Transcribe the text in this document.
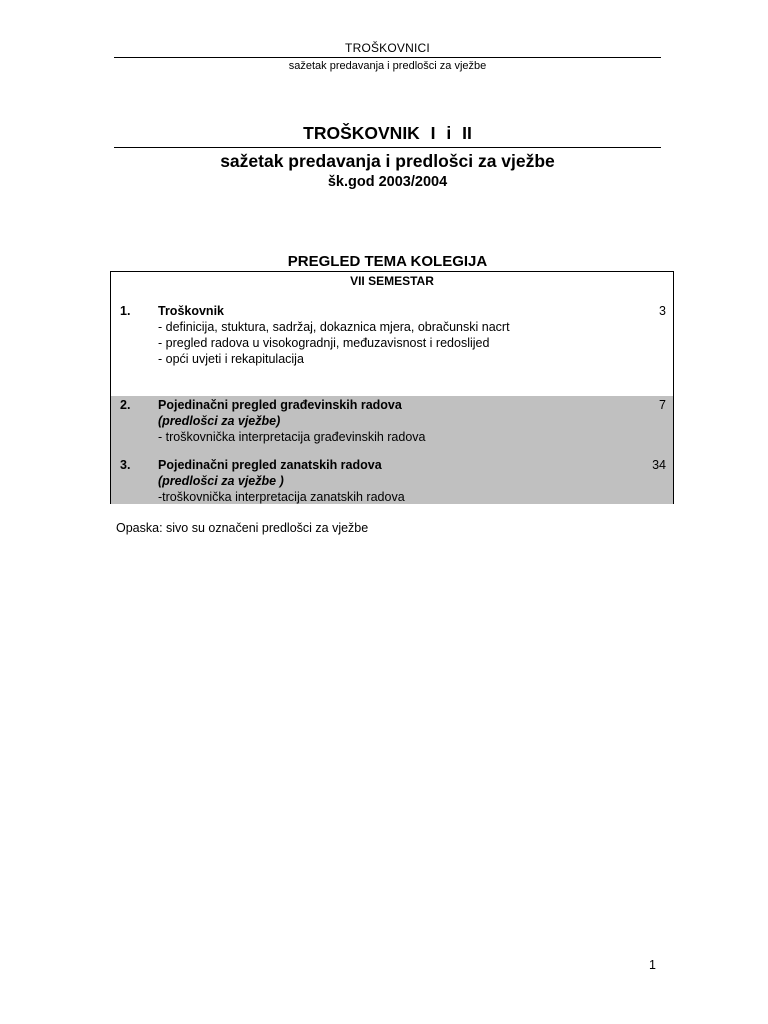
TROŠKOVNICI
sažetak predavanja i predlošci za vježbe
TROŠKOVNIK I i II
sažetak predavanja i predlošci za vježbe
šk.god 2003/2004
PREGLED TEMA KOLEGIJA
VII SEMESTAR
1. Troškovnik
- definicija, stuktura, sadržaj, dokaznica mjera, obračunski nacrt
- pregled radova u visokogradnji, međuzavisnost i redoslijed
- opći uvjeti i rekapitulacija
3
2. Pojedinačni pregled građevinskih radova
(predlošci za vježbe)
- troškovnička interpretacija građevinskih radova
7
3. Pojedinačni pregled zanatskih radova
(predlošci za vježbe )
-troškovnička interpretacija zanatskih radova
34
Opaska: sivo su označeni predlošci za vježbe
1
